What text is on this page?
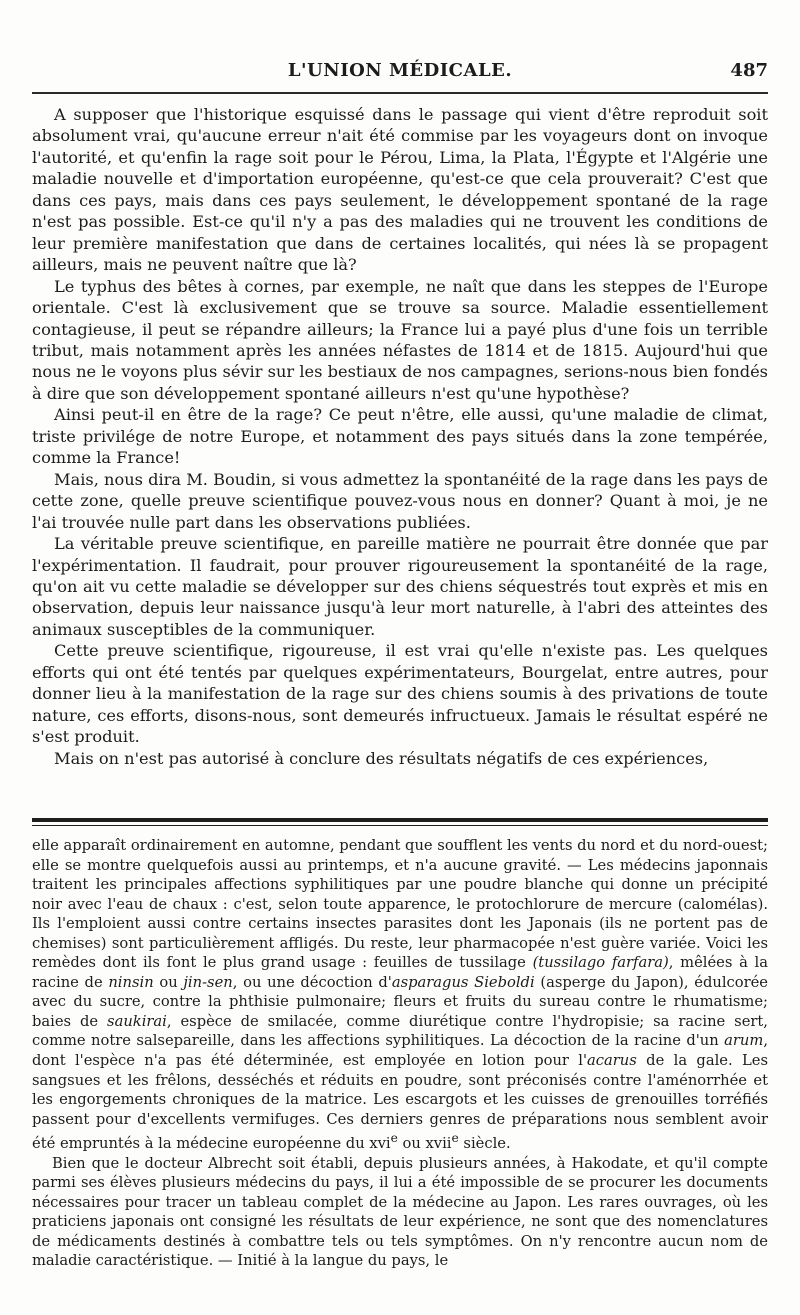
L'UNION MÉDICALE.	487

A supposer que l'historique esquissé dans le passage qui vient d'être reproduit soit absolument vrai, qu'aucune erreur n'ait été commise par les voyageurs dont on invoque l'autorité, et qu'enfin la rage soit pour le Pérou, Lima, la Plata, l'Égypte et l'Algérie une maladie nouvelle et d'importation européenne, qu'est-ce que cela prouverait? C'est que dans ces pays, mais dans ces pays seulement, le développement spontané de la rage n'est pas possible. Est-ce qu'il n'y a pas des maladies qui ne trouvent les conditions de leur première manifestation que dans de certaines localités, qui nées là se propagent ailleurs, mais ne peuvent naître que là?

Le typhus des bêtes à cornes, par exemple, ne naît que dans les steppes de l'Europe orientale. C'est là exclusivement que se trouve sa source. Maladie essentiellement contagieuse, il peut se répandre ailleurs; la France lui a payé plus d'une fois un terrible tribut, mais notamment après les années néfastes de 1814 et de 1815. Aujourd'hui que nous ne le voyons plus sévir sur les bestiaux de nos campagnes, serions-nous bien fondés à dire que son développement spontané ailleurs n'est qu'une hypothèse?

Ainsi peut-il en être de la rage? Ce peut n'être, elle aussi, qu'une maladie de climat, triste privilége de notre Europe, et notamment des pays situés dans la zone tempérée, comme la France!

Mais, nous dira M. Boudin, si vous admettez la spontanéité de la rage dans les pays de cette zone, quelle preuve scientifique pouvez-vous nous en donner? Quant à moi, je ne l'ai trouvée nulle part dans les observations publiées.

La véritable preuve scientifique, en pareille matière ne pourrait être donnée que par l'expérimentation. Il faudrait, pour prouver rigoureusement la spontanéité de la rage, qu'on ait vu cette maladie se développer sur des chiens séquestrés tout exprès et mis en observation, depuis leur naissance jusqu'à leur mort naturelle, à l'abri des atteintes des animaux susceptibles de la communiquer.

Cette preuve scientifique, rigoureuse, il est vrai qu'elle n'existe pas. Les quelques efforts qui ont été tentés par quelques expérimentateurs, Bourgelat, entre autres, pour donner lieu à la manifestation de la rage sur des chiens soumis à des privations de toute nature, ces efforts, disons-nous, sont demeurés infructueux. Jamais le résultat espéré ne s'est produit.

Mais on n'est pas autorisé à conclure des résultats négatifs de ces expériences,

elle apparaît ordinairement en automne, pendant que soufflent les vents du nord et du nord-ouest; elle se montre quelquefois aussi au printemps, et n'a aucune gravité. — Les médecins japonnais traitent les principales affections syphilitiques par une poudre blanche qui donne un précipité noir avec l'eau de chaux : c'est, selon toute apparence, le protochlorure de mercure (calomélas). Ils l'emploient aussi contre certains insectes parasites dont les Japonais (ils ne portent pas de chemises) sont particulièrement affligés. Du reste, leur pharmacopée n'est guère variée. Voici les remèdes dont ils font le plus grand usage : feuilles de tussilage (tussilago farfara), mêlées à la racine de ninsin ou jin-sen, ou une décoction d'asparagus Sieboldi (asperge du Japon), édulcorée avec du sucre, contre la phthisie pulmonaire; fleurs et fruits du sureau contre le rhumatisme; baies de saukirai, espèce de smilacée, comme diurétique contre l'hydropisie; sa racine sert, comme notre salsepareille, dans les affections syphilitiques. La décoction de la racine d'un arum, dont l'espèce n'a pas été déterminée, est employée en lotion pour l'acarus de la gale. Les sangsues et les frêlons, desséchés et réduits en poudre, sont préconisés contre l'aménorrhée et les engorgements chroniques de la matrice. Les escargots et les cuisses de grenouilles torréfiés passent pour d'excellents vermifuges. Ces derniers genres de préparations nous semblent avoir été empruntés à la médecine européenne du xvi$^e$ ou xvii$^e$ siècle.

Bien que le docteur Albrecht soit établi, depuis plusieurs années, à Hakodate, et qu'il compte parmi ses élèves plusieurs médecins du pays, il lui a été impossible de se procurer les documents nécessaires pour tracer un tableau complet de la médecine au Japon. Les rares ouvrages, où les praticiens japonais ont consigné les résultats de leur expérience, ne sont que des nomenclatures de médicaments destinés à combattre tels ou tels symptômes. On n'y rencontre aucun nom de maladie caractéristique. — Initié à la langue du pays, le
